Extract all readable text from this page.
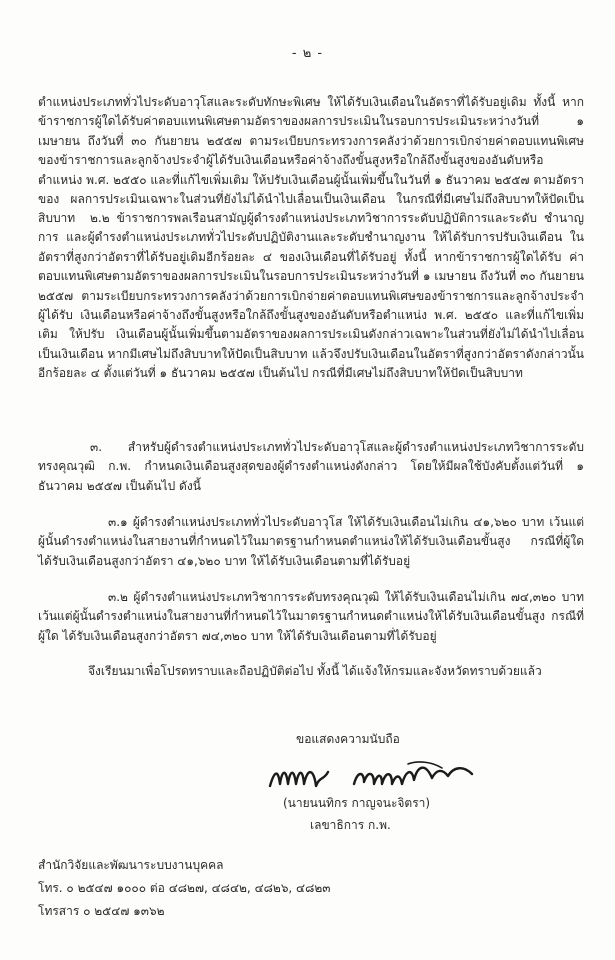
- ๒ -
ตำแหน่งประเภททั่วไประดับอาวุโสและระดับทักษะพิเศษ ให้ได้รับเงินเดือนในอัตราที่ได้รับอยู่เดิม ทั้งนี้ หากข้าราชการผู้ใดได้รับค่าตอบแทนพิเศษตามอัตราของผลการประเมินในรอบการประเมินระหว่างวันที่ ๑ เมษายน ถึงวันที่ ๓๐ กันยายน ๒๕๕๗ ตามระเบียบกระทรวงการคลังว่าด้วยการเบิกจ่ายค่าตอบแทนพิเศษ ของข้าราชการและลูกจ้างประจำผู้ได้รับเงินเดือนหรือค่าจ้างถึงขั้นสูงหรือใกล้ถึงขั้นสูงของอันดับหรือตำแหน่ง พ.ศ. ๒๕๕๐ และที่แก้ไขเพิ่มเติม ให้ปรับเงินเดือนผู้นั้นเพิ่มขึ้นในวันที่ ๑ ธันวาคม ๒๕๕๗ ตามอัตราของ ผลการประเมินเฉพาะในส่วนที่ยังไม่ได้นำไปเลื่อนเป็นเงินเดือน ในกรณีที่มีเศษไม่ถึงสิบบาทให้ปัดเป็นสิบบาท	๒.๒ ข้าราชการพลเรือนสามัญผู้ดำรงตำแหน่งประเภทวิชาการระดับปฏิบัติการและระดับ ชำนาญการ และผู้ดำรงตำแหน่งประเภททั่วไประดับปฏิบัติงานและระดับชำนาญงาน ให้ได้รับการปรับเงินเดือน ในอัตราที่สูงกว่าอัตราที่ได้รับอยู่เดิมอีกร้อยละ ๔ ของเงินเดือนที่ได้รับอยู่ ทั้งนี้ หากข้าราชการผู้ใดได้รับ ค่าตอบแทนพิเศษตามอัตราของผลการประเมินในรอบการประเมินระหว่างวันที่ ๑ เมษายน ถึงวันที่ ๓๐ กันยายน ๒๕๕๗ ตามระเบียบกระทรวงการคลังว่าด้วยการเบิกจ่ายค่าตอบแทนพิเศษของข้าราชการและลูกจ้างประจำผู้ได้รับ เงินเดือนหรือค่าจ้างถึงขั้นสูงหรือใกล้ถึงขั้นสูงของอันดับหรือตำแหน่ง พ.ศ. ๒๕๕๐ และที่แก้ไขเพิ่มเติม ให้ปรับ เงินเดือนผู้นั้นเพิ่มขึ้นตามอัตราของผลการประเมินดังกล่าวเฉพาะในส่วนที่ยังไม่ได้นำไปเลื่อนเป็นเงินเดือน หากมีเศษไม่ถึงสิบบาทให้ปัดเป็นสิบบาท แล้วจึงปรับเงินเดือนในอัตราที่สูงกว่าอัตราดังกล่าวนั้นอีกร้อยละ ๔ ตั้งแต่วันที่ ๑ ธันวาคม ๒๕๕๗ เป็นต้นไป กรณีที่มีเศษไม่ถึงสิบบาทให้ปัดเป็นสิบบาท
๓. สำหรับผู้ดำรงตำแหน่งประเภททั่วไประดับอาวุโสและผู้ดำรงตำแหน่งประเภทวิชาการระดับ ทรงคุณวุฒิ ก.พ. กำหนดเงินเดือนสูงสุดของผู้ดำรงตำแหน่งดังกล่าว โดยให้มีผลใช้บังคับตั้งแต่วันที่ ๑ ธันวาคม ๒๕๕๗ เป็นต้นไป ดังนี้
๓.๑ ผู้ดำรงตำแหน่งประเภททั่วไประดับอาวุโส ให้ได้รับเงินเดือนไม่เกิน ๔๑,๖๒๐ บาท เว้นแต่ผู้นั้นดำรงตำแหน่งในสายงานที่กำหนดไว้ในมาตรฐานกำหนดตำแหน่งให้ได้รับเงินเดือนขั้นสูง กรณีที่ผู้ใด ได้รับเงินเดือนสูงกว่าอัตรา ๔๑,๖๒๐ บาท ให้ได้รับเงินเดือนตามที่ได้รับอยู่
๓.๒ ผู้ดำรงตำแหน่งประเภทวิชาการระดับทรงคุณวุฒิ ให้ได้รับเงินเดือนไม่เกิน ๗๔,๓๒๐ บาท เว้นแต่ผู้นั้นดำรงตำแหน่งในสายงานที่กำหนดไว้ในมาตรฐานกำหนดตำแหน่งให้ได้รับเงินเดือนขั้นสูง กรณีที่ผู้ใด ได้รับเงินเดือนสูงกว่าอัตรา ๗๔,๓๒๐ บาท ให้ได้รับเงินเดือนตามที่ได้รับอยู่
จึงเรียนมาเพื่อโปรดทราบและถือปฏิบัติต่อไป ทั้งนี้ ได้แจ้งให้กรมและจังหวัดทราบด้วยแล้ว
ขอแสดงความนับถือ
(นายนนทิกร กาญจนะจิตรา)
เลขาธิการ ก.พ.
สำนักวิจัยและพัฒนาระบบงานบุคคล
โทร. ๐ ๒๕๔๗ ๑๐๐๐ ต่อ ๔๘๒๗, ๔๘๔๒, ๔๘๒๖, ๔๘๒๓
โทรสาร ๐ ๒๕๔๗ ๑๓๖๒
